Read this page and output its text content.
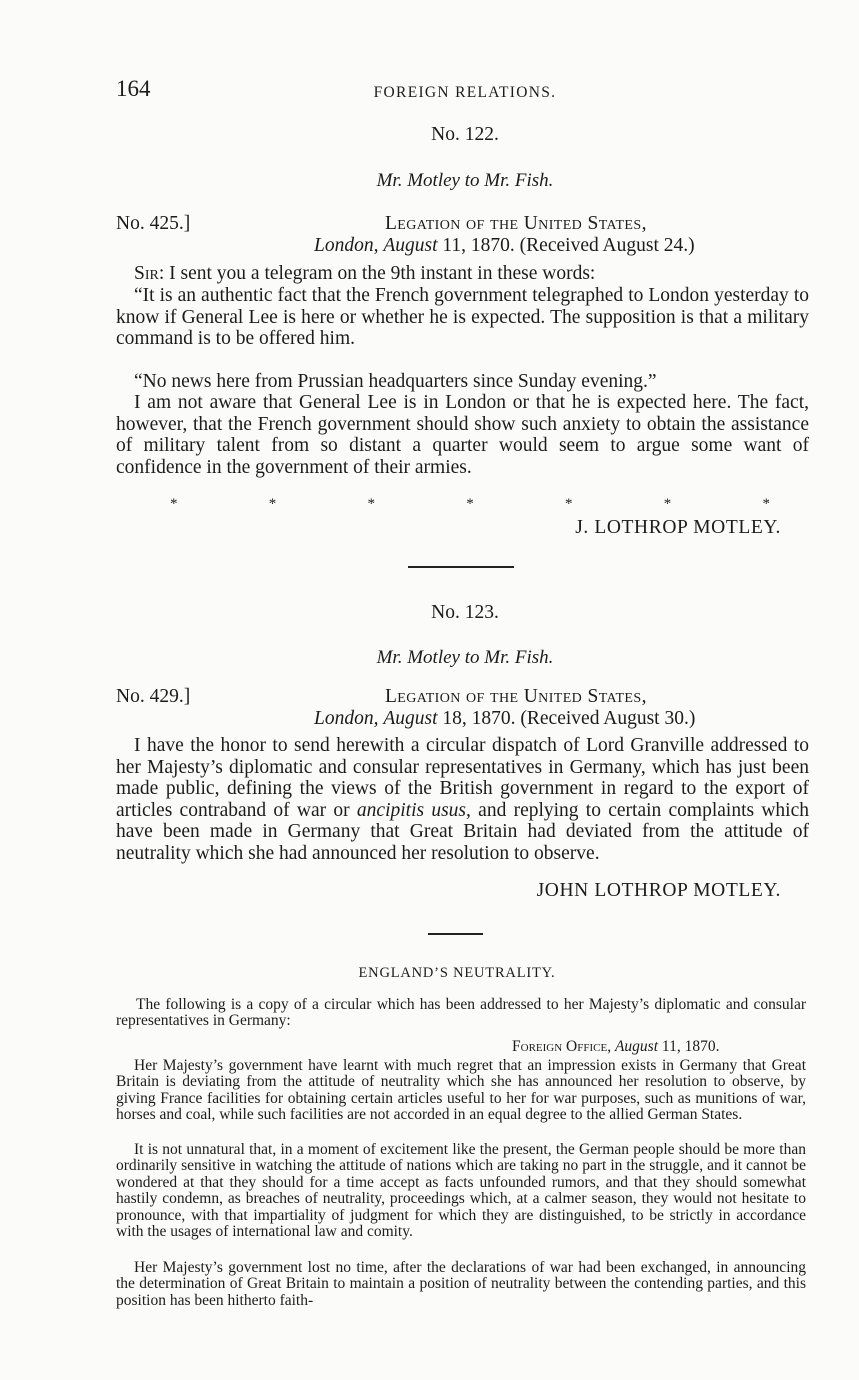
164	FOREIGN RELATIONS.
No. 122.
Mr. Motley to Mr. Fish.
No. 425.]	Legation of the United States,
London, August 11, 1870. (Received August 24.)
Sir: I sent you a telegram on the 9th instant in these words:
“It is an authentic fact that the French government telegraphed to London yesterday to know if General Lee is here or whether he is expected. The supposition is that a military command is to be offered him.
“No news here from Prussian headquarters since Sunday evening.”
I am not aware that General Lee is in London or that he is expected here. The fact, however, that the French government should show such anxiety to obtain the assistance of military talent from so distant a quarter would seem to argue some want of confidence in the government of their armies.
*	*	*	*	*	*	*
J. LOTHROP MOTLEY.
No. 123.
Mr. Motley to Mr. Fish.
No. 429.]	Legation of the United States,
London, August 18, 1870. (Received August 30.)
I have the honor to send herewith a circular dispatch of Lord Granville addressed to her Majesty’s diplomatic and consular representatives in Germany, which has just been made public, defining the views of the British government in regard to the export of articles contraband of war or ancipitis usus, and replying to certain complaints which have been made in Germany that Great Britain had deviated from the attitude of neutrality which she had announced her resolution to observe.
JOHN LOTHROP MOTLEY.
ENGLAND’S NEUTRALITY.
The following is a copy of a circular which has been addressed to her Majesty’s diplomatic and consular representatives in Germany:
Foreign Office, August 11, 1870.
Her Majesty’s government have learnt with much regret that an impression exists in Germany that Great Britain is deviating from the attitude of neutrality which she has announced her resolution to observe, by giving France facilities for obtaining certain articles useful to her for war purposes, such as munitions of war, horses and coal, while such facilities are not accorded in an equal degree to the allied German States.
It is not unnatural that, in a moment of excitement like the present, the German people should be more than ordinarily sensitive in watching the attitude of nations which are taking no part in the struggle, and it cannot be wondered at that they should for a time accept as facts unfounded rumors, and that they should somewhat hastily condemn, as breaches of neutrality, proceedings which, at a calmer season, they would not hesitate to pronounce, with that impartiality of judgment for which they are distinguished, to be strictly in accordance with the usages of international law and comity.
Her Majesty’s government lost no time, after the declarations of war had been exchanged, in announcing the determination of Great Britain to maintain a position of neutrality between the contending parties, and this position has been hitherto faith-
